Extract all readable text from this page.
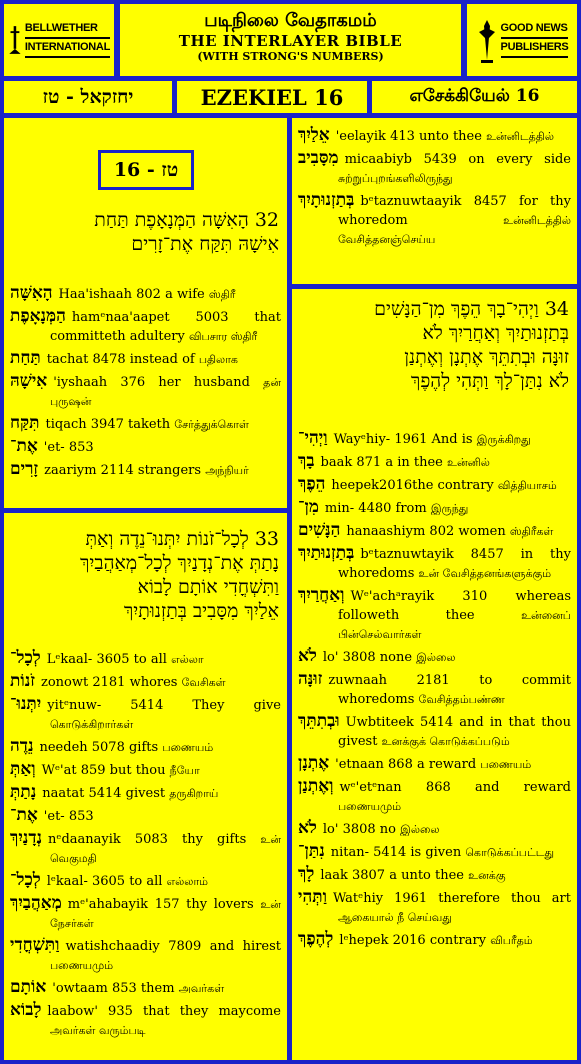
BELLWETHER
INTERNATIONAL
படிநிலை வேதாகமம்
THE INTERLAYER BIBLE
(WITH STRONG'S NUMBERS)
GOOD NEWS
PUBLISHERS
יחזקאל - טז	EZEKIEL 16	எசேக்கியேல் 16
טז - 16
32 הָאִשָּׁה הַמְּנָאָפֶת תַּחַת
אִישָׁהּ תִּקַּח אֶת־זָרִים
הָאִשָּׁה Haa'ishaah 802 a wife ஸ்திரீ
הַמְּנָאָפֶת hamᵉnaa'aapet 5003 that committeth adultery விபசார ஸ்திரீ
תַּחַת tachat 8478 instead of பதிலாக
אִישָׁהּ 'iyshaah 376 her husband தன் புருஷன்
תִּקַּח tiqach 3947 taketh சேர்த்துக்கொள்
אֶת־ 'et- 853
זָרִים zaariym 2114 strangers அந்நியர்
33 לְכָל־זֹנוֹת יִתְּנוּ־נֵדֶה וְאַתְּ
נָתַתְּ אֶת־נְדָנַיִךְ לְכָל־מְאַהֲבַיִךְ
וַתִּשְׁחֳדִי אוֹתָם לָבוֹא
אֵלַיִךְ מִסָּבִיב בְּתַזְנוּתָיִךְ
לְכָל־ Lᵉkaal- 3605 to all எல்லா
זֹנוֹת zonowt 2181 whores வேசிகள்
יִתְּנוּ־ yitᵉnuw- 5414 They give கொடுக்கிறார்கள்
נֵדֶה needeh 5078 gifts பணையம்
וְאַתְּ Wᵉ'at 859 but thou நீயோ
נָתַתְּ naatat 5414 givest தருகிறாய்
אֶת־ 'et- 853
נְדָנַיִךְ nᵉdaanayik 5083 thy gifts உன் வெகுமதி
לְכָל־ lᵉkaal- 3605 to all எல்லாம்
מְאַהֲבַיִךְ mᵉ'ahabayik 157 thy lovers உன் நேசர்கள்
וַתִּשְׁחֳדִי watishchaadiy 7809 and hirest பணையமும்
אוֹתָם 'owtaam 853 them அவர்கள்
לָבוֹא laabow' 935 that they maycome அவர்கள் வரும்படி
אֵלַיִךְ 'eelayik 413 unto thee உன்னிடத்தில்
מִסָּבִיב micaabiyb 5439 on every side சுற்றுப்புறங்களிலிருந்து
בְּתַזְנוּתָיִךְ bᵉtaznuwtaayik 8457 for thy whoredom	உன்னிடத்தில் வேசித்தனஞ்செய்ய
34 וַיְהִי־בָךְ הֵפֶךְ מִן־הַנָּשִׁים
בְּתַזְנוּתַיִךְ וְאַחֲרַיִךְ לֹא
זוּנָּה וּבְתִתֵּךְ אֶתְנָן וְאֶתְנַן
לֹא נִתַּן־לָךְ וַתְּהִי לְהֶפֶךְ
וַיְהִי־ Wayᵉhiy- 1961 And is இருக்கிறது
בָךְ baak 871 a in thee உன்னில்
הֵפֶךְ heepek2016the contrary வித்தியாசம்
מִן־ min- 4480 from இருந்து
הַנָּשִׁים hanaashiym 802 women ஸ்திரீகள்
בְּתַזְנוּתַיִךְ bᵉtaznuwtayik 8457 in thy whoredoms உன் வேசித்தனங்களுக்கும்
וְאַחֲרַיִךְ Wᵉ'achᵃrayik 310 whereas followeth thee	உன்னைப் பின்செல்வார்கள்
לֹא lo' 3808 none இல்லை
זוּנָּה zuwnaah 2181 to commit whoredoms வேசித்தம்பண்ண
וּבְתִתֵּךְ Uwbtiteek 5414 and in that thou givest உனக்குக் கொடுக்கப்படும்
אֶתְנָן 'etnaan 868 a reward பணையம்
וְאֶתְנַן wᵉ'etᵉnan 868 and reward பணையமும்
לֹא lo' 3808 no இல்லை
נִתַּן־ nitan- 5414 is given கொடுக்கப்பட்டது
לָךְ laak 3807 a unto thee உனக்கு
וַתְּהִי Watᵉhiy 1961 therefore thou art ஆகையால் நீ செய்வது
לְהֶפֶךְ lᵉhepek 2016 contrary விபரீதம்
